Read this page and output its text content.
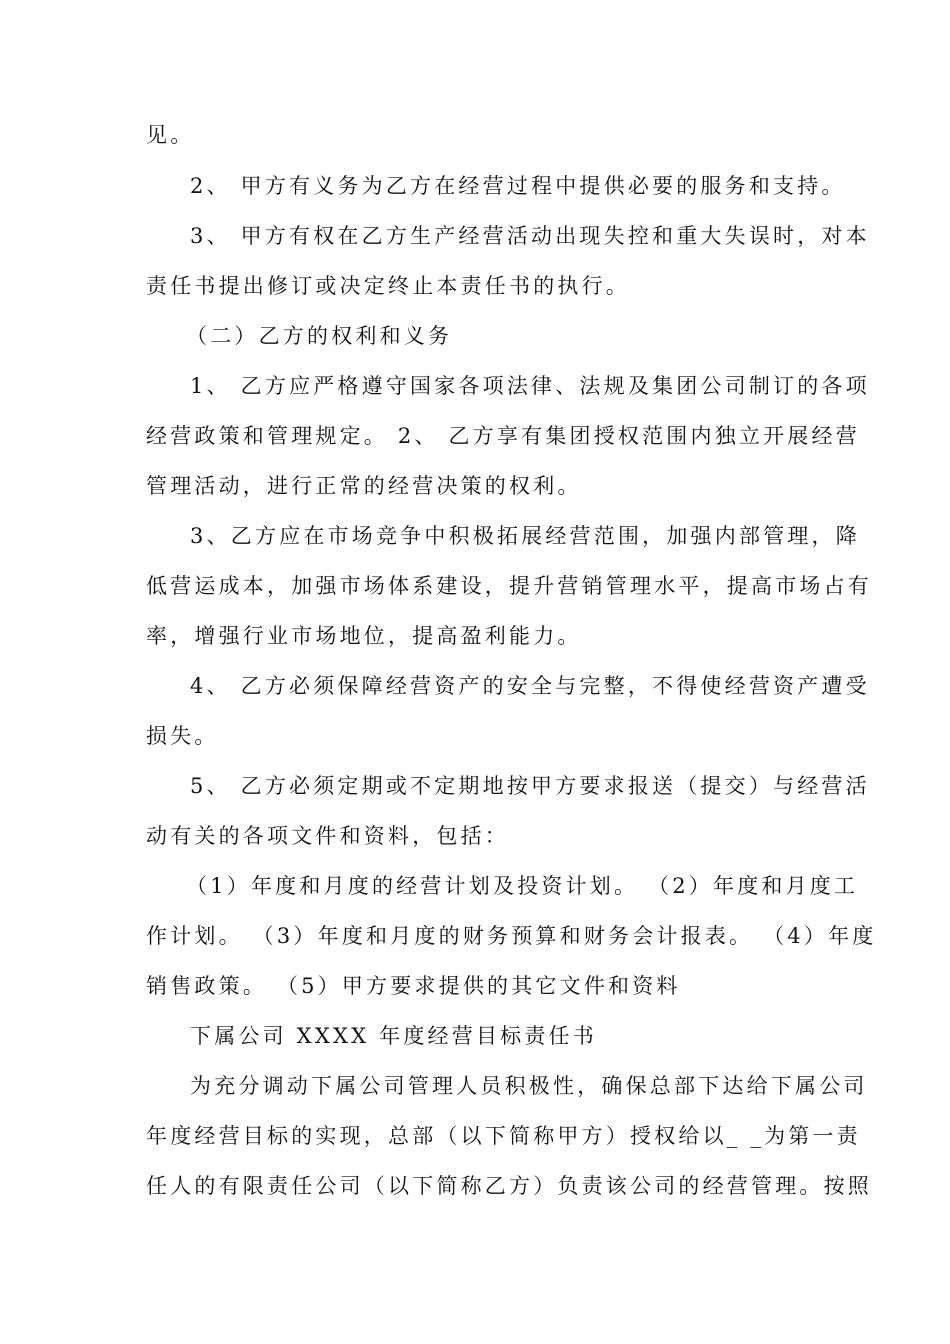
见。
2、 甲方有义务为乙方在经营过程中提供必要的服务和支持。
3、 甲方有权在乙方生产经营活动出现失控和重大失误时，对本
责任书提出修订或决定终止本责任书的执行。
（二）乙方的权利和义务
1、 乙方应严格遵守国家各项法律、法规及集团公司制订的各项
经营政策和管理规定。 2、 乙方享有集团授权范围内独立开展经营
管理活动，进行正常的经营决策的权利。
3、乙方应在市场竞争中积极拓展经营范围，加强内部管理，降
低营运成本，加强市场体系建设，提升营销管理水平，提高市场占有
率，增强行业市场地位，提高盈利能力。
4、 乙方必须保障经营资产的安全与完整，不得使经营资产遭受
损失。
5、 乙方必须定期或不定期地按甲方要求报送（提交）与经营活
动有关的各项文件和资料，包括：
（1）年度和月度的经营计划及投资计划。 （2）年度和月度工
作计划。 （3）年度和月度的财务预算和财务会计报表。 （4）年度
销售政策。 （5）甲方要求提供的其它文件和资料
下属公司 XXXX 年度经营目标责任书
为充分调动下属公司管理人员积极性，确保总部下达给下属公司
年度经营目标的实现，总部（以下简称甲方）授权给以_ _为第一责
任人的有限责任公司（以下简称乙方）负责该公司的经营管理。按照
